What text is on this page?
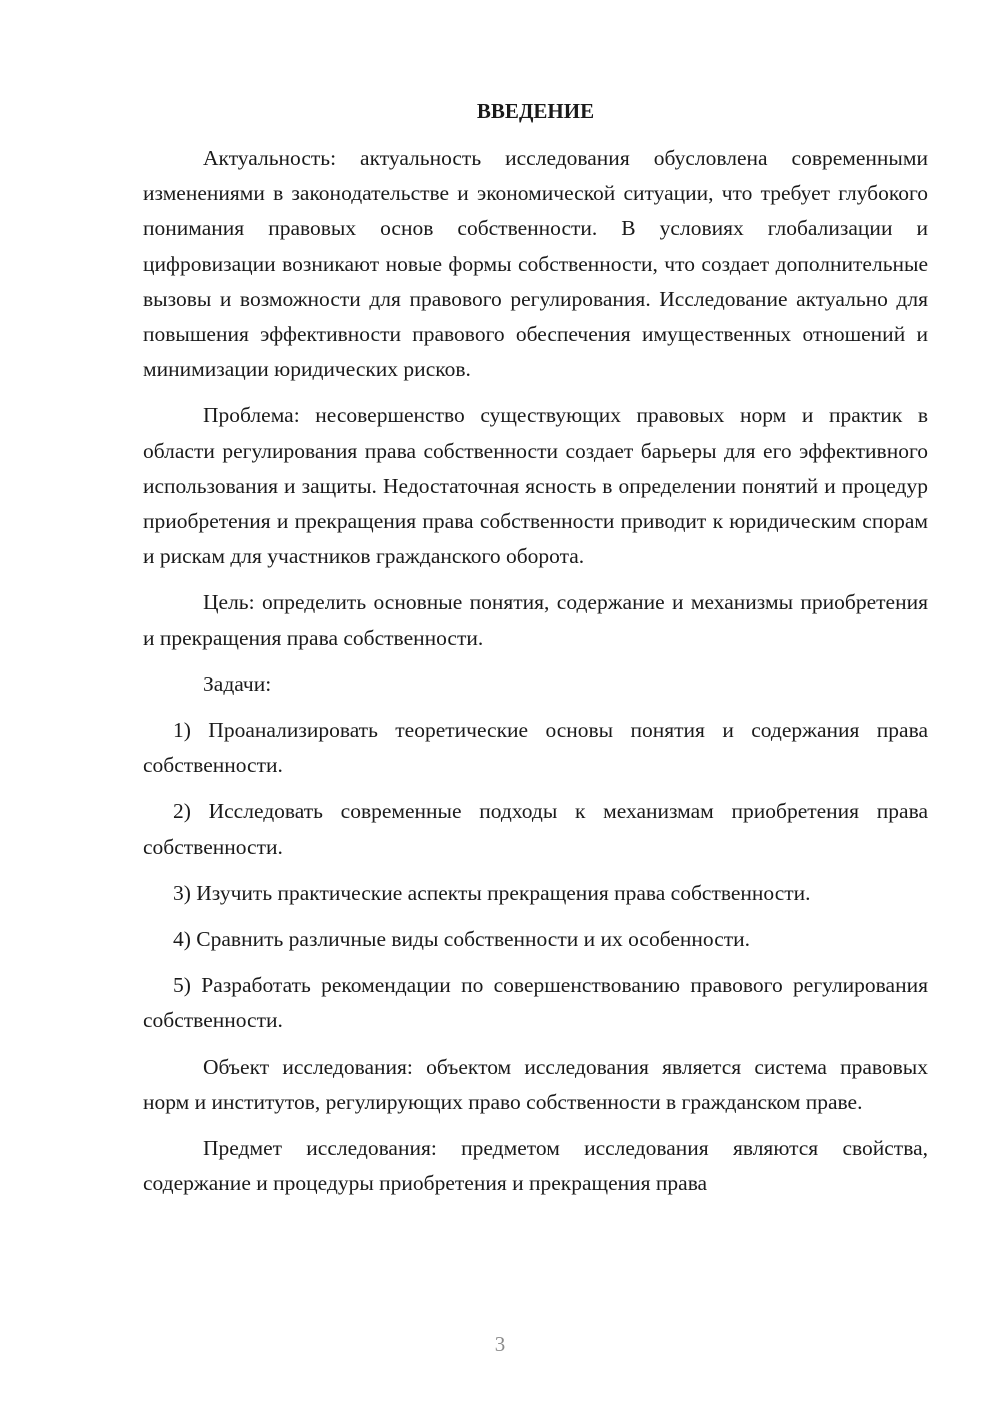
ВВЕДЕНИЕ

Актуальность: актуальность исследования обусловлена современными изменениями в законодательстве и экономической ситуации, что требует глубокого понимания правовых основ собственности. В условиях глобализации и цифровизации возникают новые формы собственности, что создает дополнительные вызовы и возможности для правового регулирования. Исследование актуально для повышения эффективности правового обеспечения имущественных отношений и минимизации юридических рисков.

Проблема: несовершенство существующих правовых норм и практик в области регулирования права собственности создает барьеры для его эффективного использования и защиты. Недостаточная ясность в определении понятий и процедур приобретения и прекращения права собственности приводит к юридическим спорам и рискам для участников гражданского оборота.

Цель: определить основные понятия, содержание и механизмы приобретения и прекращения права собственности.

Задачи:

1) Проанализировать теоретические основы понятия и содержания права собственности.

2) Исследовать современные подходы к механизмам приобретения права собственности.

3) Изучить практические аспекты прекращения права собственности.

4) Сравнить различные виды собственности и их особенности.

5) Разработать рекомендации по совершенствованию правового регулирования собственности.

Объект исследования: объектом исследования является система правовых норм и институтов, регулирующих право собственности в гражданском праве.

Предмет исследования: предметом исследования являются свойства, содержание и процедуры приобретения и прекращения права

3
